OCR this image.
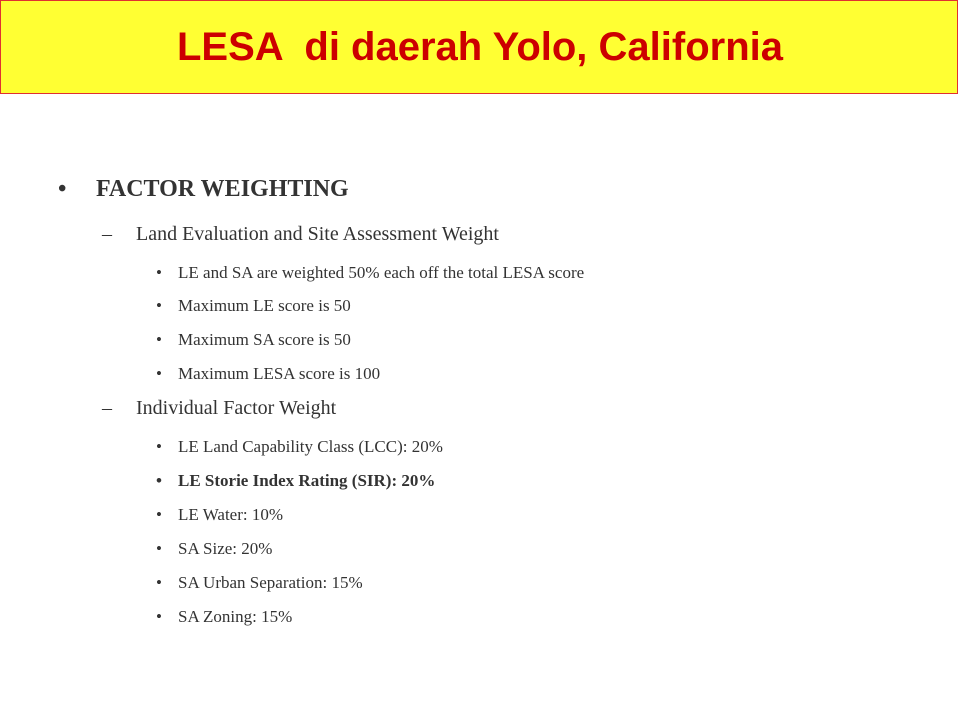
LESA  di daerah Yolo, California
•	FACTOR WEIGHTING
– Land Evaluation and Site Assessment Weight
• LE and SA are weighted 50% each off the total LESA score
• Maximum LE score is 50
• Maximum SA score is 50
• Maximum LESA score is 100
– Individual Factor Weight
• LE Land Capability Class (LCC): 20%
• LE Storie Index Rating (SIR): 20%
• LE Water: 10%
• SA Size: 20%
• SA Urban Separation: 15%
• SA Zoning: 15%
